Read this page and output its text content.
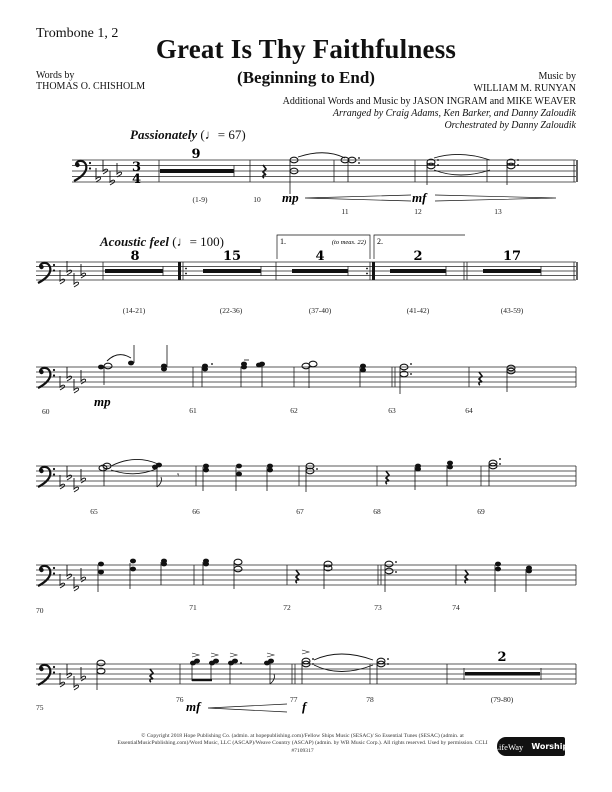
Trombone 1, 2
Great Is Thy Faithfulness
(Beginning to End)
Words by
THOMAS O. CHISHOLM
Music by
WILLIAM M. RUNYAN
Additional Words and Music by JASON INGRAM and MIKE WEAVER
Arranged by Craig Adams, Ken Barker, and Danny Zaloudik
Orchestrated by Danny Zaloudik
Passionately (♩= 67)
Acoustic feel (♩= 100)
3
4
9
(1-9)	10
11	12	13
mp	mf
8
(14-21)
15
(22-36)
1.	(to meas. 22)
4
(37-40)
2.
2
(41-42)
17
(43-59)
mp
60	61	62	63	64
𝄾
65	66	67	68	69
70	71	72	73	74
75
76 mf	77 f	78
2
(79-80)
© Copyright 2018 Hope Publishing Co. (admin. at hopepublishing.com)/Fellow Ships Music (SESAC)/ So Essential Tunes (SESAC) (admin. at EssentialMusicPublishing.com)/Word Music, LLC (ASCAP)/Weave Country (ASCAP) (admin. by WB Music Corp.). All rights reserved. Used by permission. CCLI #7109317	LifeWay Worship
